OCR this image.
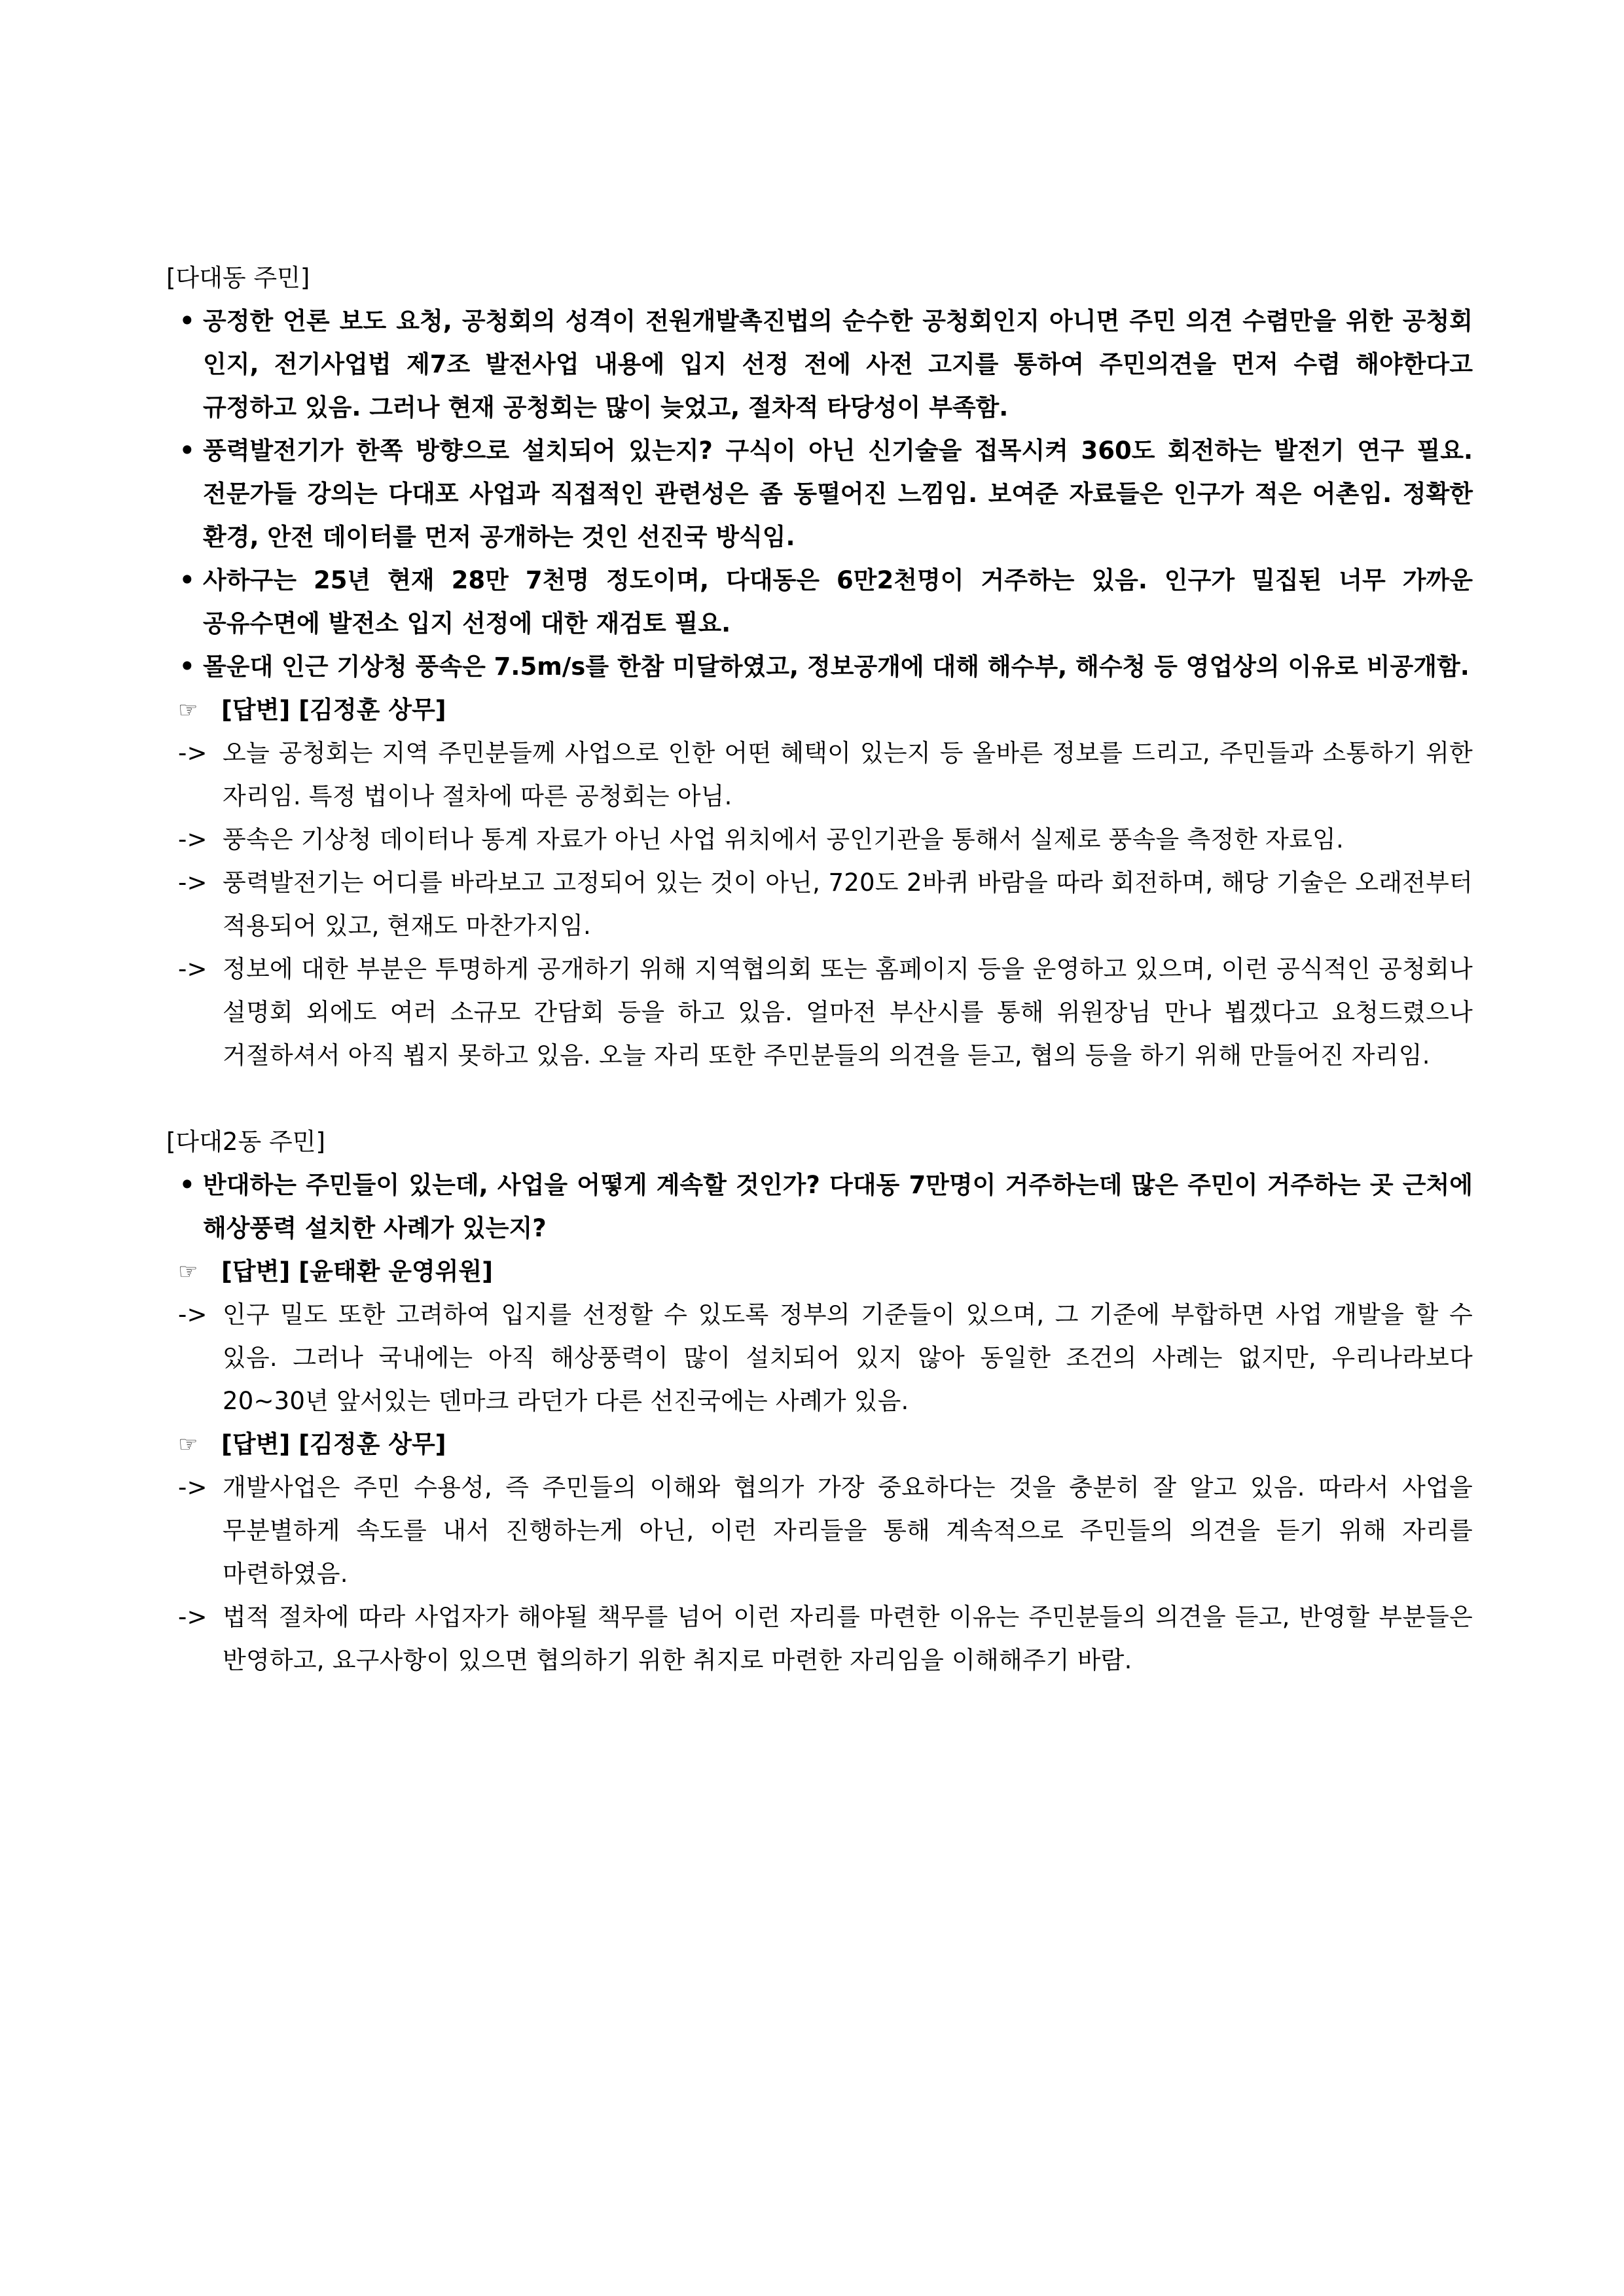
[다대동 주민]
• 공정한 언론 보도 요청, 공청회의 성격이 전원개발촉진법의 순수한 공청회인지 아니면 주민 의견 수렴만을 위한 공청회 인지, 전기사업법 제7조 발전사업 내용에 입지 선정 전에 사전 고지를 통하여 주민의견을 먼저 수렴 해야한다고 규정하고 있음. 그러나 현재 공청회는 많이 늦었고, 절차적 타당성이 부족함.
• 풍력발전기가 한쪽 방향으로 설치되어 있는지? 구식이 아닌 신기술을 접목시켜 360도 회전하는 발전기 연구 필요. 전문가들 강의는 다대포 사업과 직접적인 관련성은 좀 동떨어진 느낌임. 보여준 자료들은 인구가 적은 어촌임. 정확한 환경, 안전 데이터를 먼저 공개하는 것인 선진국 방식임.
• 사하구는 25년 현재 28만 7천명 정도이며, 다대동은 6만2천명이 거주하는 있음. 인구가 밀집된 너무 가까운 공유수면에 발전소 입지 선정에 대한 재검토 필요.
• 몰운대 인근 기상청 풍속은 7.5m/s를 한참 미달하였고, 정보공개에 대해 해수부, 해수청 등 영업상의 이유로 비공개함.
☞ [답변] [김정훈 상무]
-> 오늘 공청회는 지역 주민분들께 사업으로 인한 어떤 혜택이 있는지 등 올바른 정보를 드리고, 주민들과 소통하기 위한 자리임. 특정 법이나 절차에 따른 공청회는 아님.
-> 풍속은 기상청 데이터나 통계 자료가 아닌 사업 위치에서 공인기관을 통해서 실제로 풍속을 측정한 자료임.
-> 풍력발전기는 어디를 바라보고 고정되어 있는 것이 아닌, 720도 2바퀴 바람을 따라 회전하며, 해당 기술은 오래전부터 적용되어 있고, 현재도 마찬가지임.
-> 정보에 대한 부분은 투명하게 공개하기 위해 지역협의회 또는 홈페이지 등을 운영하고 있으며, 이런 공식적인 공청회나 설명회 외에도 여러 소규모 간담회 등을 하고 있음. 얼마전 부산시를 통해 위원장님 만나 뵙겠다고 요청드렸으나 거절하셔서 아직 뵙지 못하고 있음. 오늘 자리 또한 주민분들의 의견을 듣고, 협의 등을 하기 위해 만들어진 자리임.
[다대2동 주민]
• 반대하는 주민들이 있는데, 사업을 어떻게 계속할 것인가? 다대동 7만명이 거주하는데 많은 주민이 거주하는 곳 근처에 해상풍력 설치한 사례가 있는지?
☞ [답변] [윤태환 운영위원]
-> 인구 밀도 또한 고려하여 입지를 선정할 수 있도록 정부의 기준들이 있으며, 그 기준에 부합하면 사업 개발을 할 수 있음. 그러나 국내에는 아직 해상풍력이 많이 설치되어 있지 않아 동일한 조건의 사례는 없지만, 우리나라보다 20~30년 앞서있는 덴마크 라던가 다른 선진국에는 사례가 있음.
☞ [답변] [김정훈 상무]
-> 개발사업은 주민 수용성, 즉 주민들의 이해와 협의가 가장 중요하다는 것을 충분히 잘 알고 있음. 따라서 사업을 무분별하게 속도를 내서 진행하는게 아닌, 이런 자리들을 통해 계속적으로 주민들의 의견을 듣기 위해 자리를 마련하였음.
-> 법적 절차에 따라 사업자가 해야될 책무를 넘어 이런 자리를 마련한 이유는 주민분들의 의견을 듣고, 반영할 부분들은 반영하고, 요구사항이 있으면 협의하기 위한 취지로 마련한 자리임을 이해해주기 바람.
